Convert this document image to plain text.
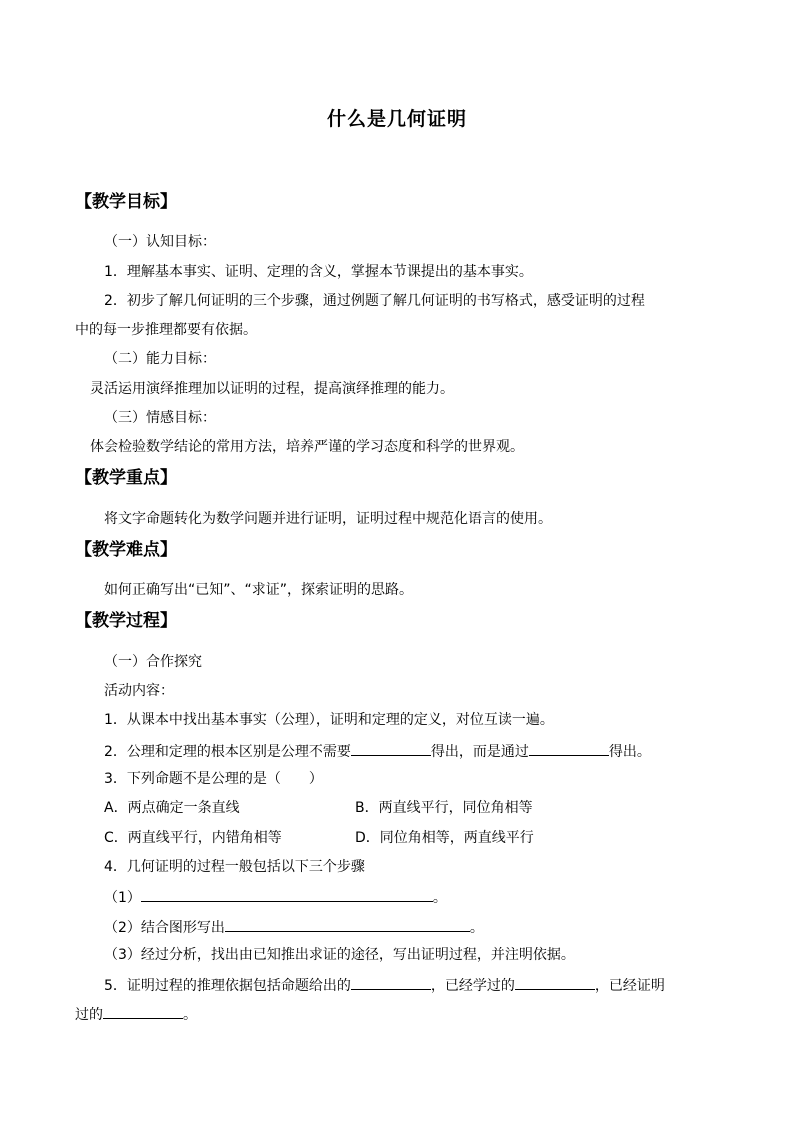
什么是几何证明
【教学目标】
（一）认知目标：
1．理解基本事实、证明、定理的含义，掌握本节课提出的基本事实。
2．初步了解几何证明的三个步骤，通过例题了解几何证明的书写格式，感受证明的过程
中的每一步推理都要有依据。
（二）能力目标：
灵活运用演绎推理加以证明的过程，提高演绎推理的能力。
（三）情感目标：
体会检验数学结论的常用方法，培养严谨的学习态度和科学的世界观。
【教学重点】
将文字命题转化为数学问题并进行证明，证明过程中规范化语言的使用。
【教学难点】
如何正确写出“已知”、“求证”，探索证明的思路。
【教学过程】
（一）合作探究
活动内容：
1．从课本中找出基本事实（公理），证明和定理的定义，对位互读一遍。
2．公理和定理的根本区别是公理不需要	得出，而是通过	得出。
3．下列命题不是公理的是（　　）
A．两点确定一条直线	B．两直线平行，同位角相等
C．两直线平行，内错角相等	D．同位角相等，两直线平行
4．几何证明的过程一般包括以下三个步骤
（1）	。
（2）结合图形写出	。
（3）经过分析，找出由已知推出求证的途径，写出证明过程，并注明依据。
5．证明过程的推理依据包括命题给出的	，已经学过的	，已经证明
过的	。
